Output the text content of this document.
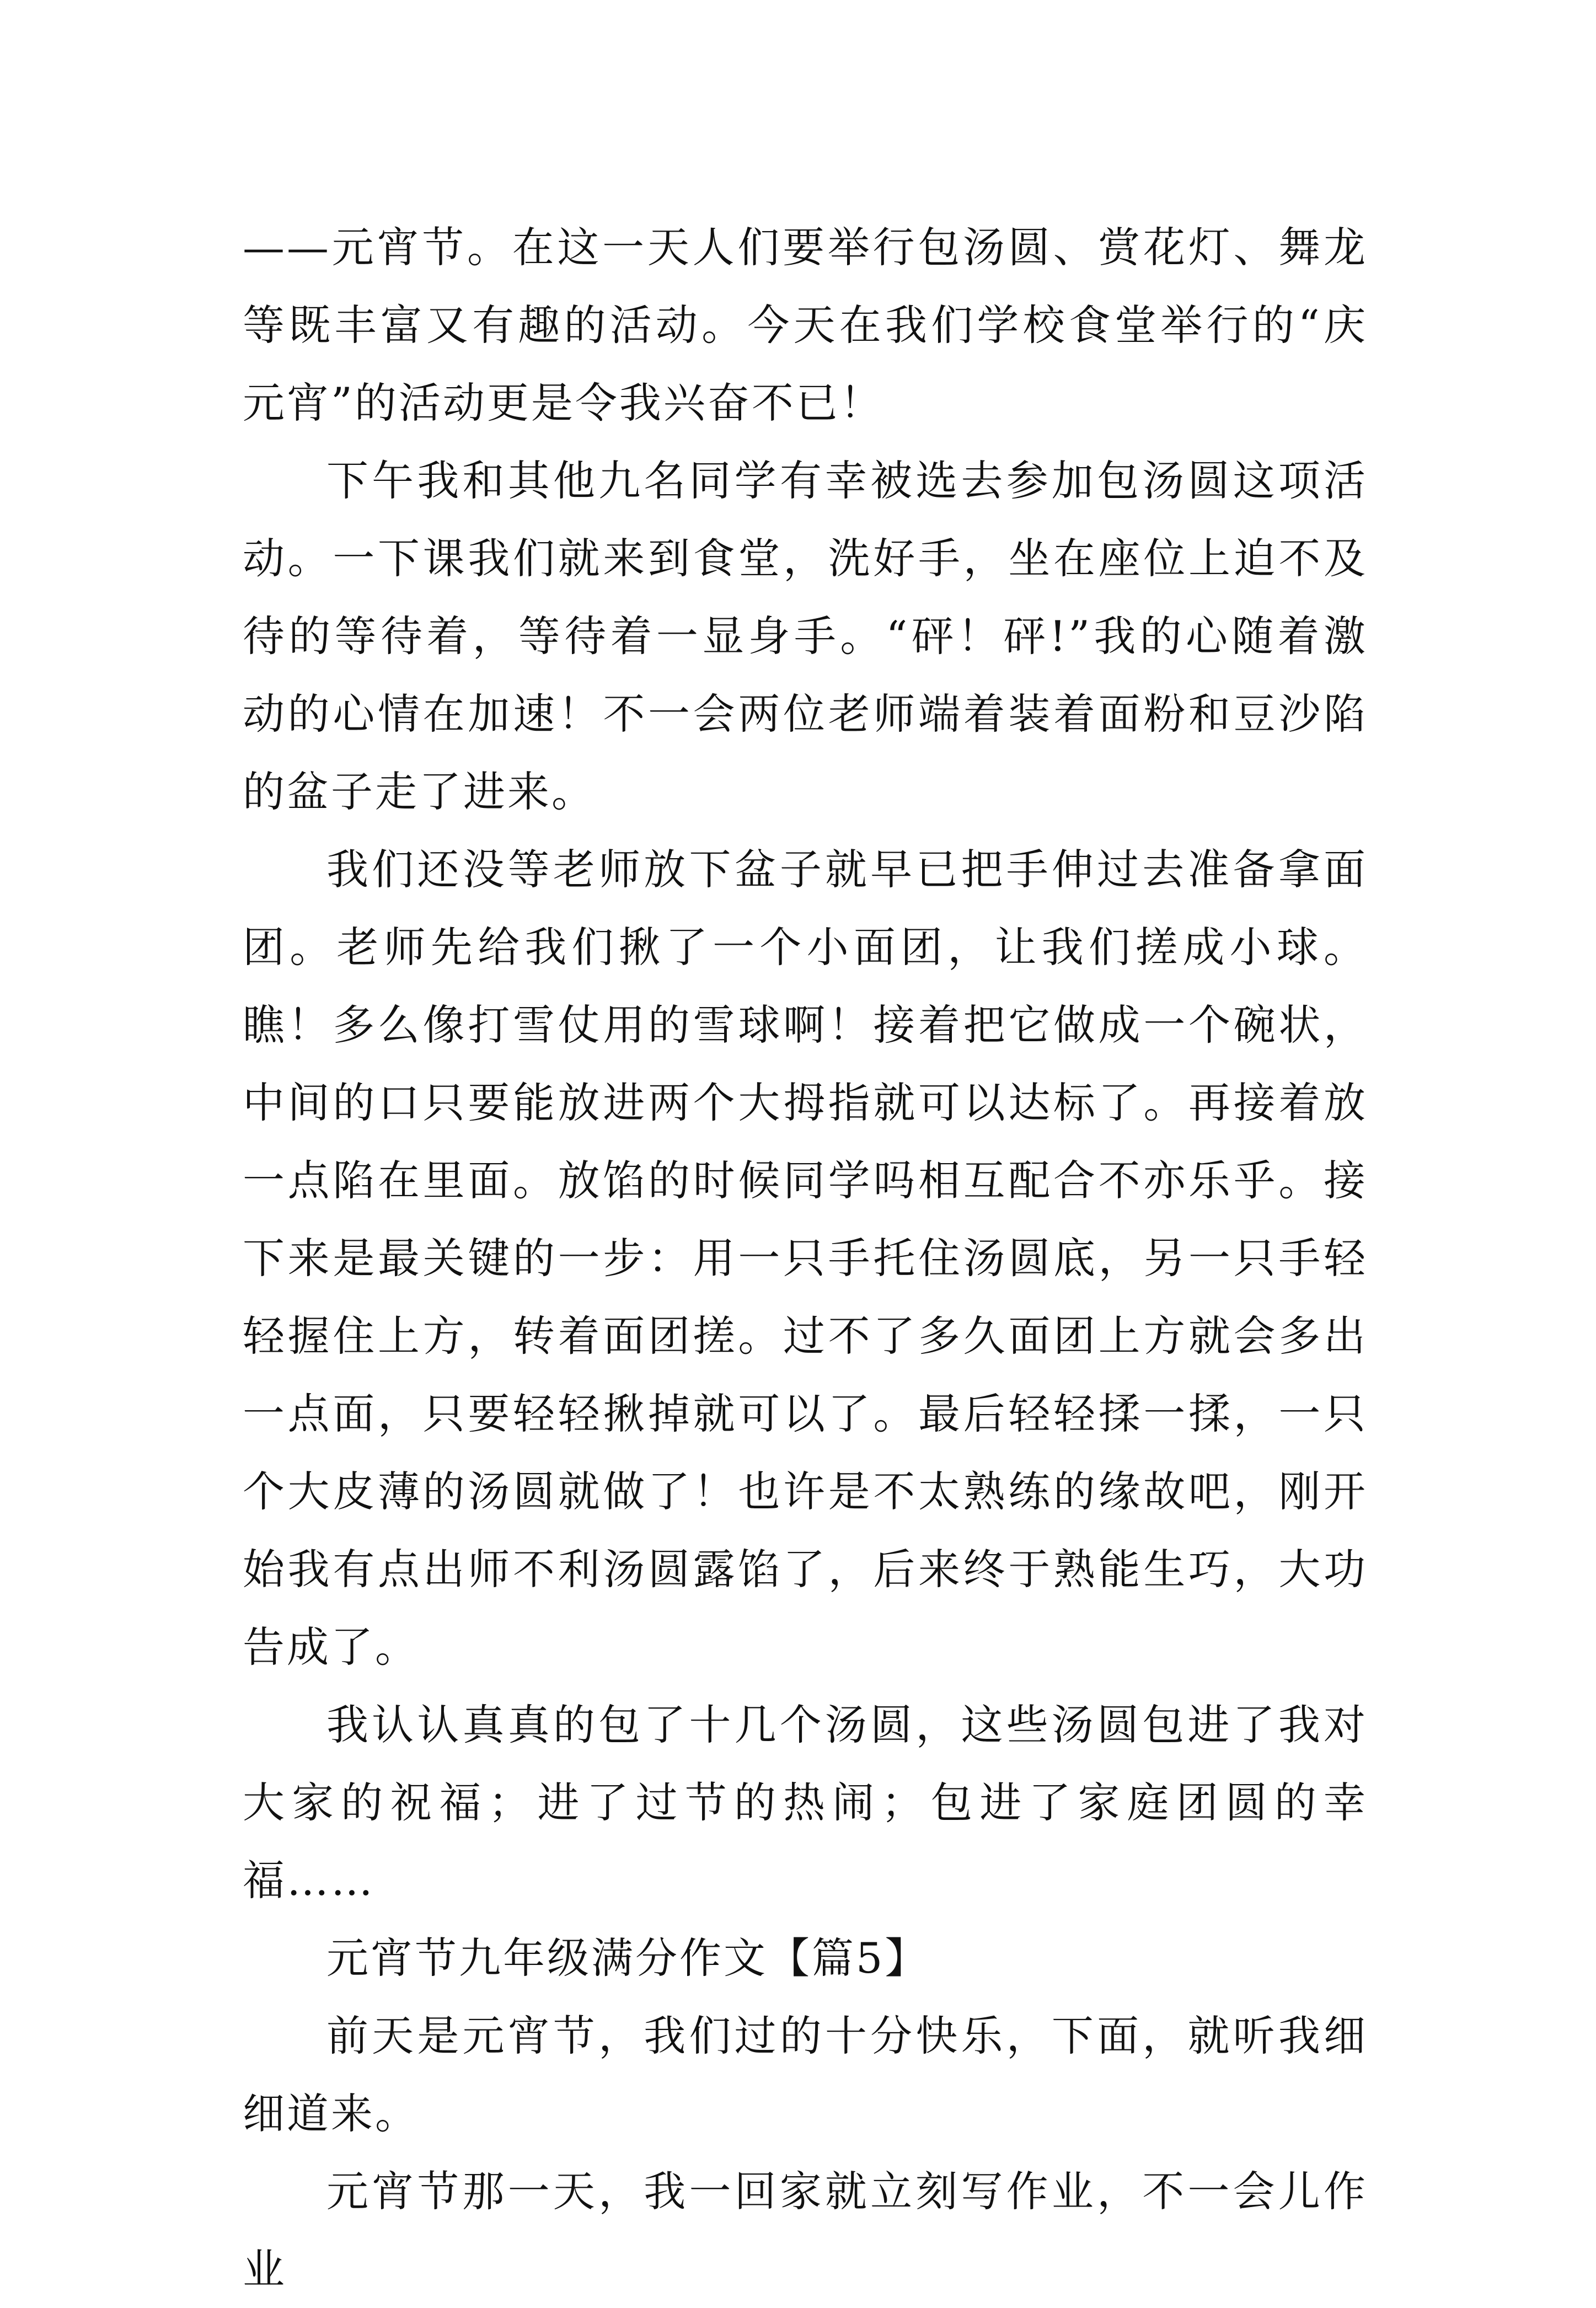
——元宵节。在这一天人们要举行包汤圆、赏花灯、舞龙等既丰富又有趣的活动。今天在我们学校食堂举行的“庆元宵”的活动更是令我兴奋不已！

下午我和其他九名同学有幸被选去参加包汤圆这项活动。一下课我们就来到食堂，洗好手，坐在座位上迫不及待的等待着，等待着一显身手。“砰！砰!”我的心随着激动的心情在加速！不一会两位老师端着装着面粉和豆沙陷的盆子走了进来。

我们还没等老师放下盆子就早已把手伸过去准备拿面团。老师先给我们揪了一个小面团，让我们搓成小球。瞧！多么像打雪仗用的雪球啊！接着把它做成一个碗状，中间的口只要能放进两个大拇指就可以达标了。再接着放一点陷在里面。放馅的时候同学吗相互配合不亦乐乎。接下来是最关键的一步：用一只手托住汤圆底，另一只手轻轻握住上方，转着面团搓。过不了多久面团上方就会多出一点面，只要轻轻揪掉就可以了。最后轻轻揉一揉，一只个大皮薄的汤圆就做了！也许是不太熟练的缘故吧，刚开始我有点出师不利汤圆露馅了，后来终于熟能生巧，大功告成了。

我认认真真的包了十几个汤圆，这些汤圆包进了我对大家的祝福；进了过节的热闹；包进了家庭团圆的幸福……

元宵节九年级满分作文【篇5】

前天是元宵节，我们过的十分快乐，下面，就听我细细道来。

元宵节那一天，我一回家就立刻写作业，不一会儿作业
